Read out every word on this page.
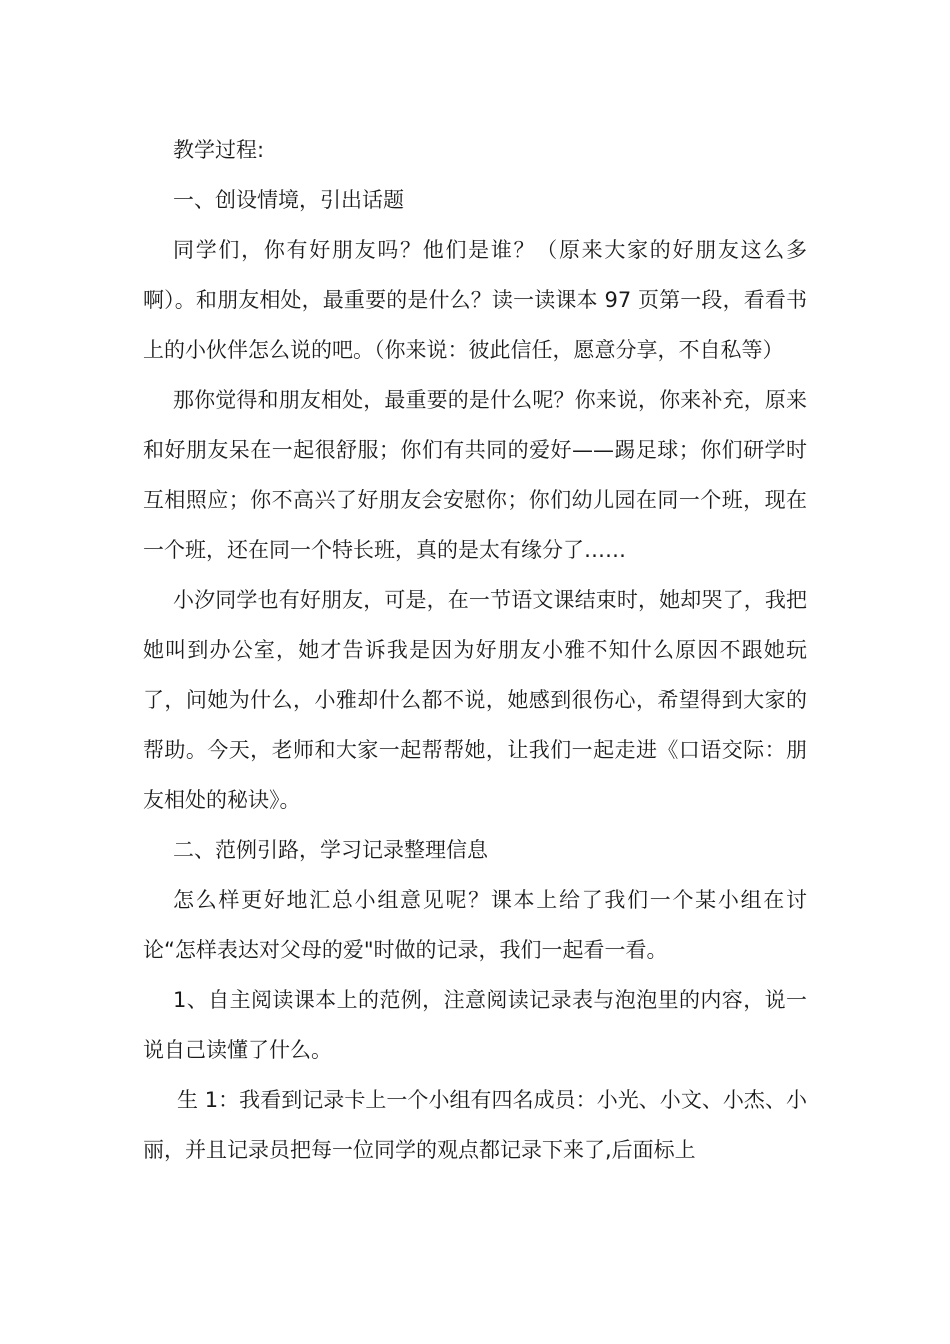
教学过程:

一、创设情境，引出话题

同学们，你有好朋友吗？他们是谁？（原来大家的好朋友这么多啊）。和朋友相处，最重要的是什么？读一读课本 97 页第一段，看看书上的小伙伴怎么说的吧。（你来说：彼此信任，愿意分享，不自私等）

那你觉得和朋友相处，最重要的是什么呢？你来说，你来补充，原来和好朋友呆在一起很舒服；你们有共同的爱好——踢足球；你们研学时互相照应；你不高兴了好朋友会安慰你；你们幼儿园在同一个班，现在一个班，还在同一个特长班，真的是太有缘分了……

小汐同学也有好朋友，可是，在一节语文课结束时，她却哭了，我把她叫到办公室，她才告诉我是因为好朋友小雅不知什么原因不跟她玩了，问她为什么，小雅却什么都不说，她感到很伤心，希望得到大家的帮助。今天，老师和大家一起帮帮她，让我们一起走进《口语交际：朋友相处的秘诀》。

二、范例引路，学习记录整理信息

怎么样更好地汇总小组意见呢？课本上给了我们一个某小组在讨论“怎样表达对父母的爱"时做的记录，我们一起看一看。

1、自主阅读课本上的范例，注意阅读记录表与泡泡里的内容，说一说自己读懂了什么。

生 1：我看到记录卡上一个小组有四名成员：小光、小文、小杰、小丽，并且记录员把每一位同学的观点都记录下来了,后面标上
